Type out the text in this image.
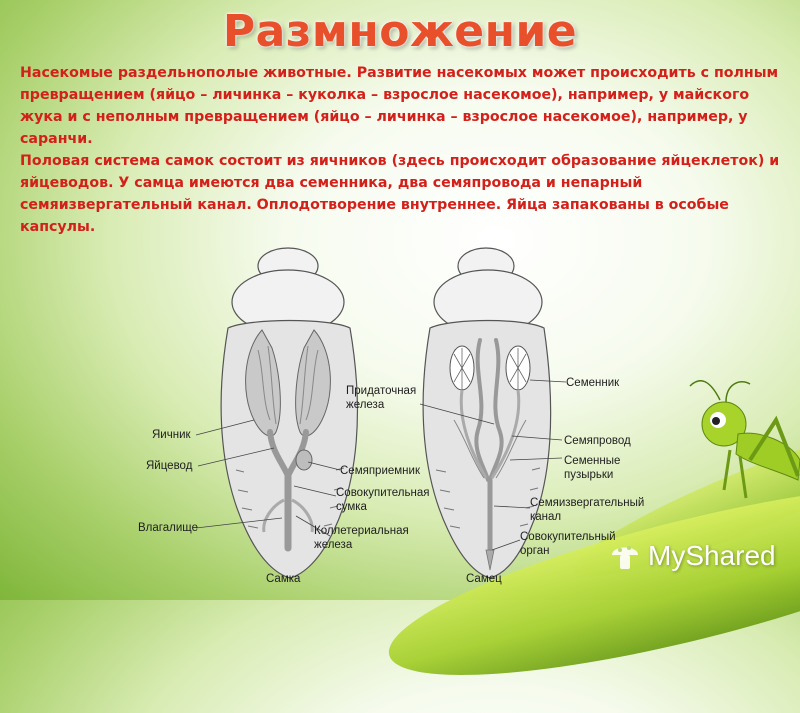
Размножение

Насекомые раздельнополые животные. Развитие насекомых может происходить с полным превращением (яйцо – личинка – куколка – взрослое насекомое), например, у майского жука и с неполным превращением (яйцо – личинка – взрослое насекомое), например, у саранчи.

Половая система самок состоит из яичников (здесь происходит образование яйцеклеток) и яйцеводов. У самца имеются два семенника, два семяпровода и непарный семяизвергательный канал. Оплодотворение внутреннее. Яйца запакованы в особые капсулы.

Яичник
Яйцевод
Влагалище
Семяприемник
Совокупительная
сумка
Коллетериальная
железа
Самка
Придаточная
железа
Семенник
Семяпровод
Семенные
пузырьки
Семяизвергательный
канал
Совокупительный
орган
Самец
MyShared
